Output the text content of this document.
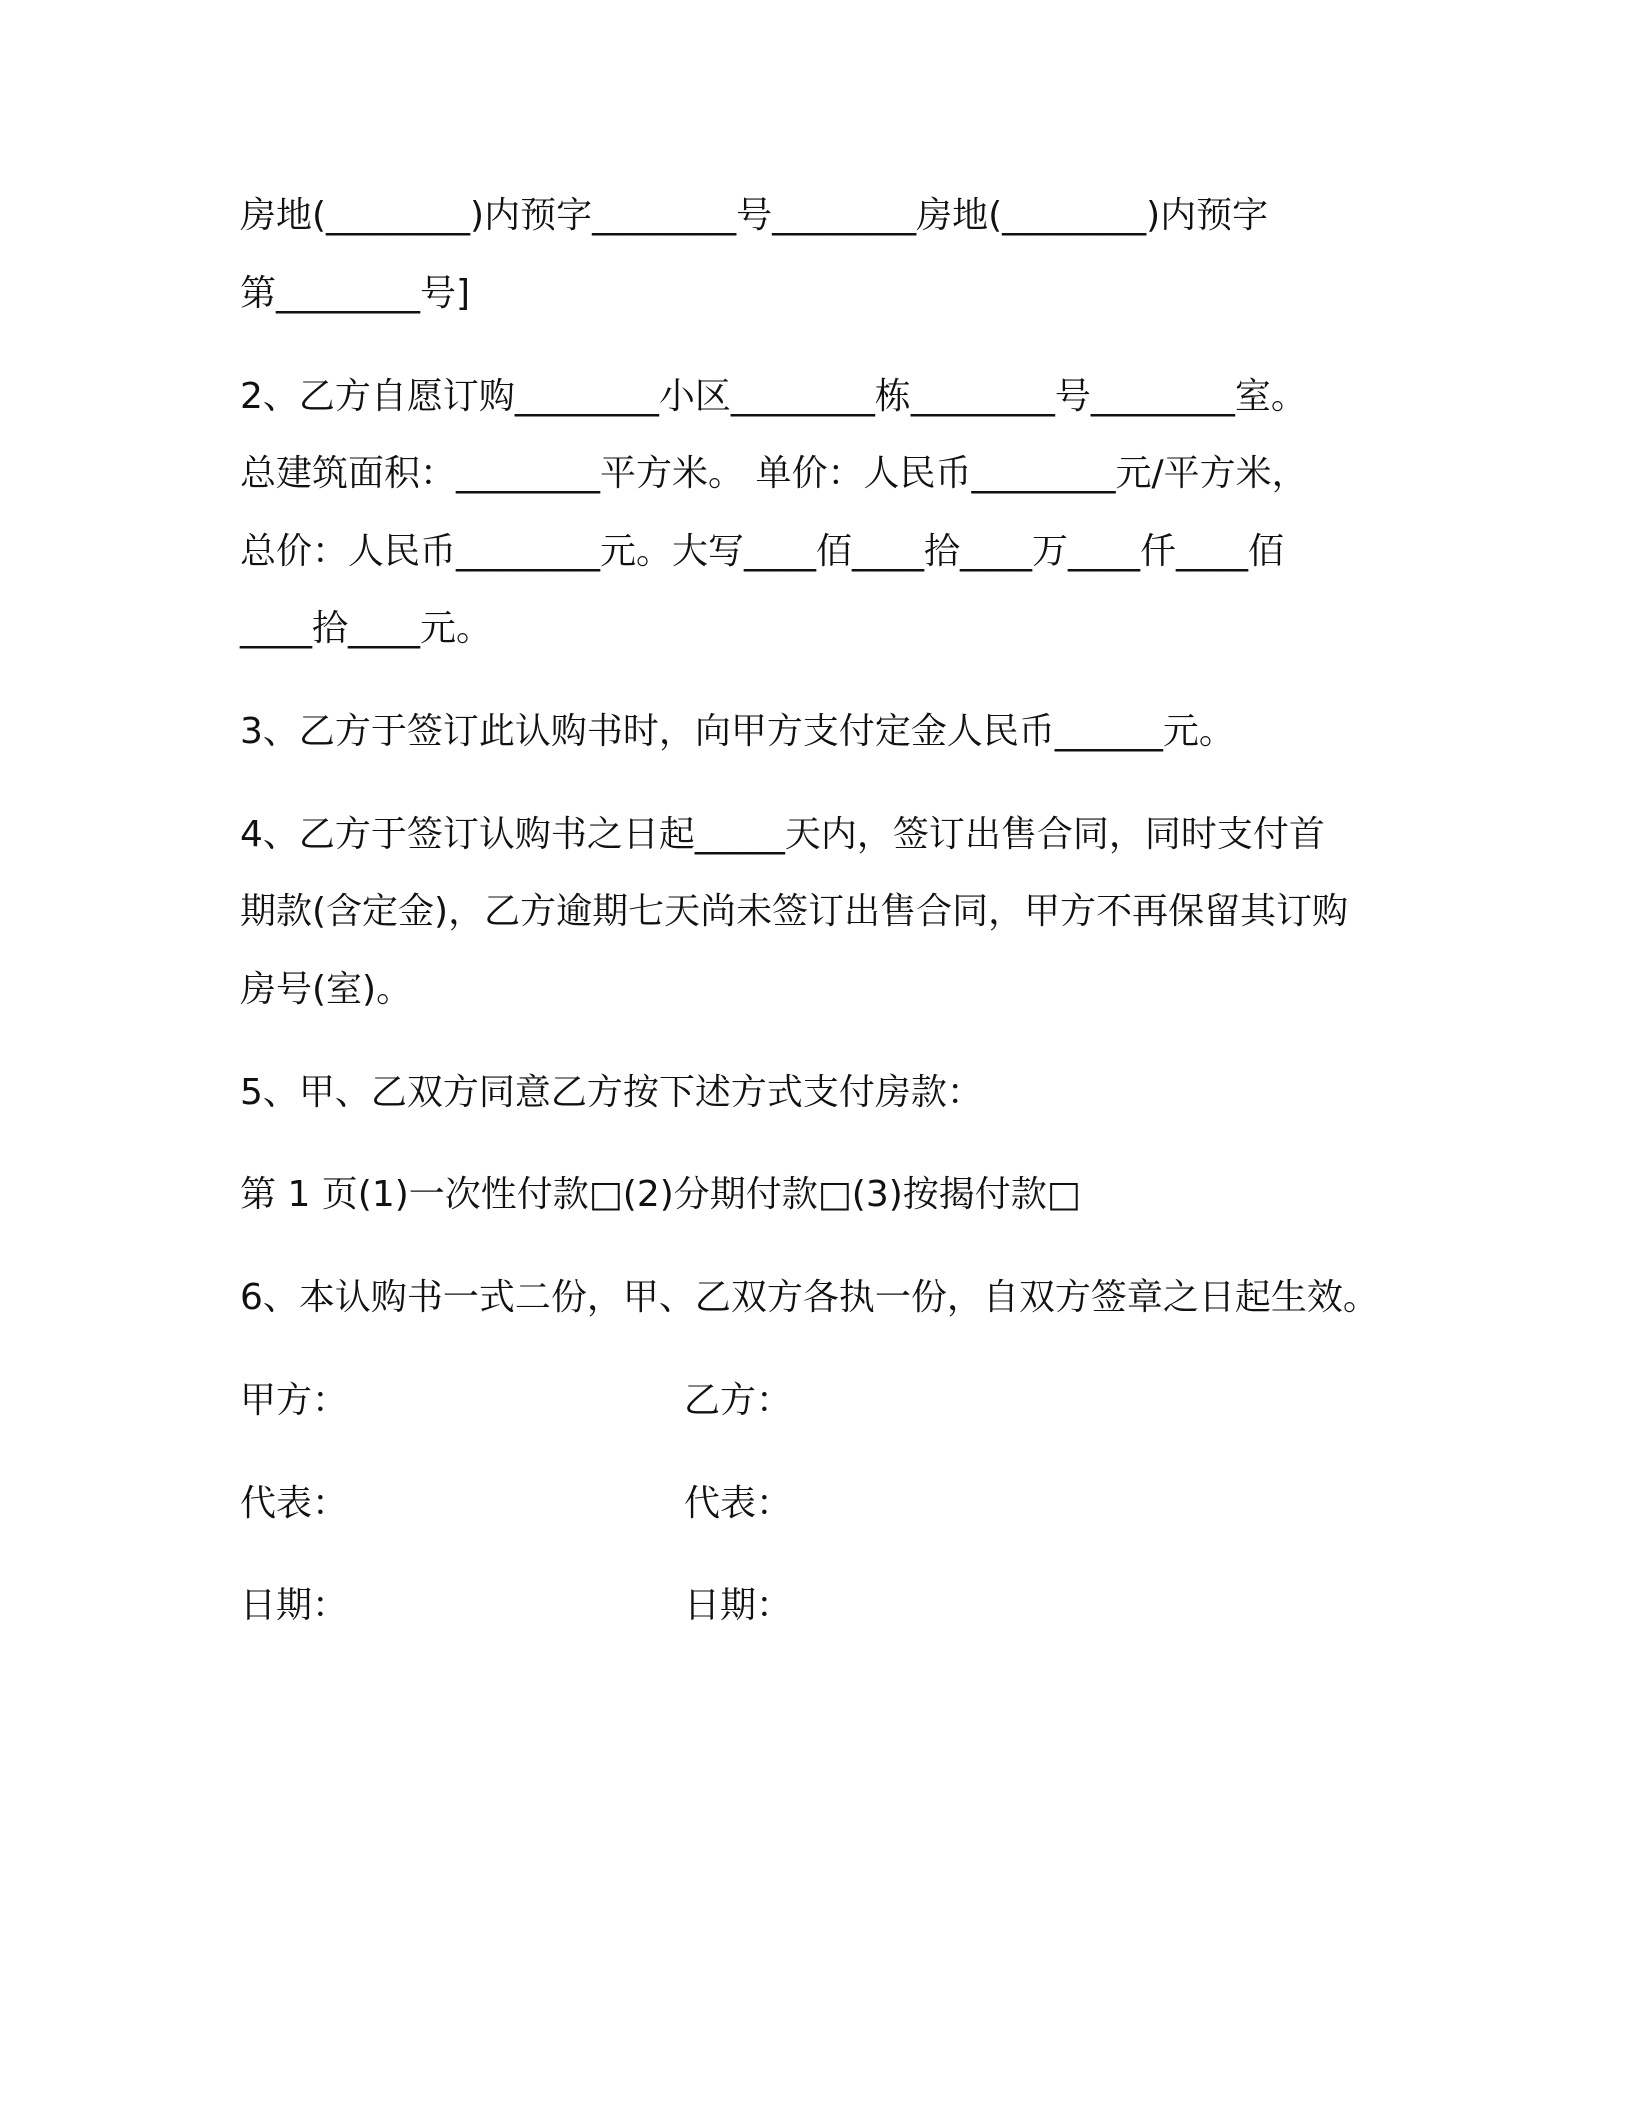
房地(________)内预字________号________房地(________)内预字
第________号]
2、乙方自愿订购________小区________栋________号________室。
总建筑面积：________平方米。 单价：人民币________元/平方米，
总价：人民币________元。大写____佰____拾____万____仟____佰
____拾____元。
3、乙方于签订此认购书时，向甲方支付定金人民币______元。
4、乙方于签订认购书之日起_____天内，签订出售合同，同时支付首
期款(含定金)，乙方逾期七天尚未签订出售合同，甲方不再保留其订购
房号(室)。
5、甲、乙双方同意乙方按下述方式支付房款：
第 1 页(1)一次性付款□(2)分期付款□(3)按揭付款□
6、本认购书一式二份，甲、乙双方各执一份，自双方签章之日起生效。
甲方：	乙方：
代表：	代表：
日期：	日期：
